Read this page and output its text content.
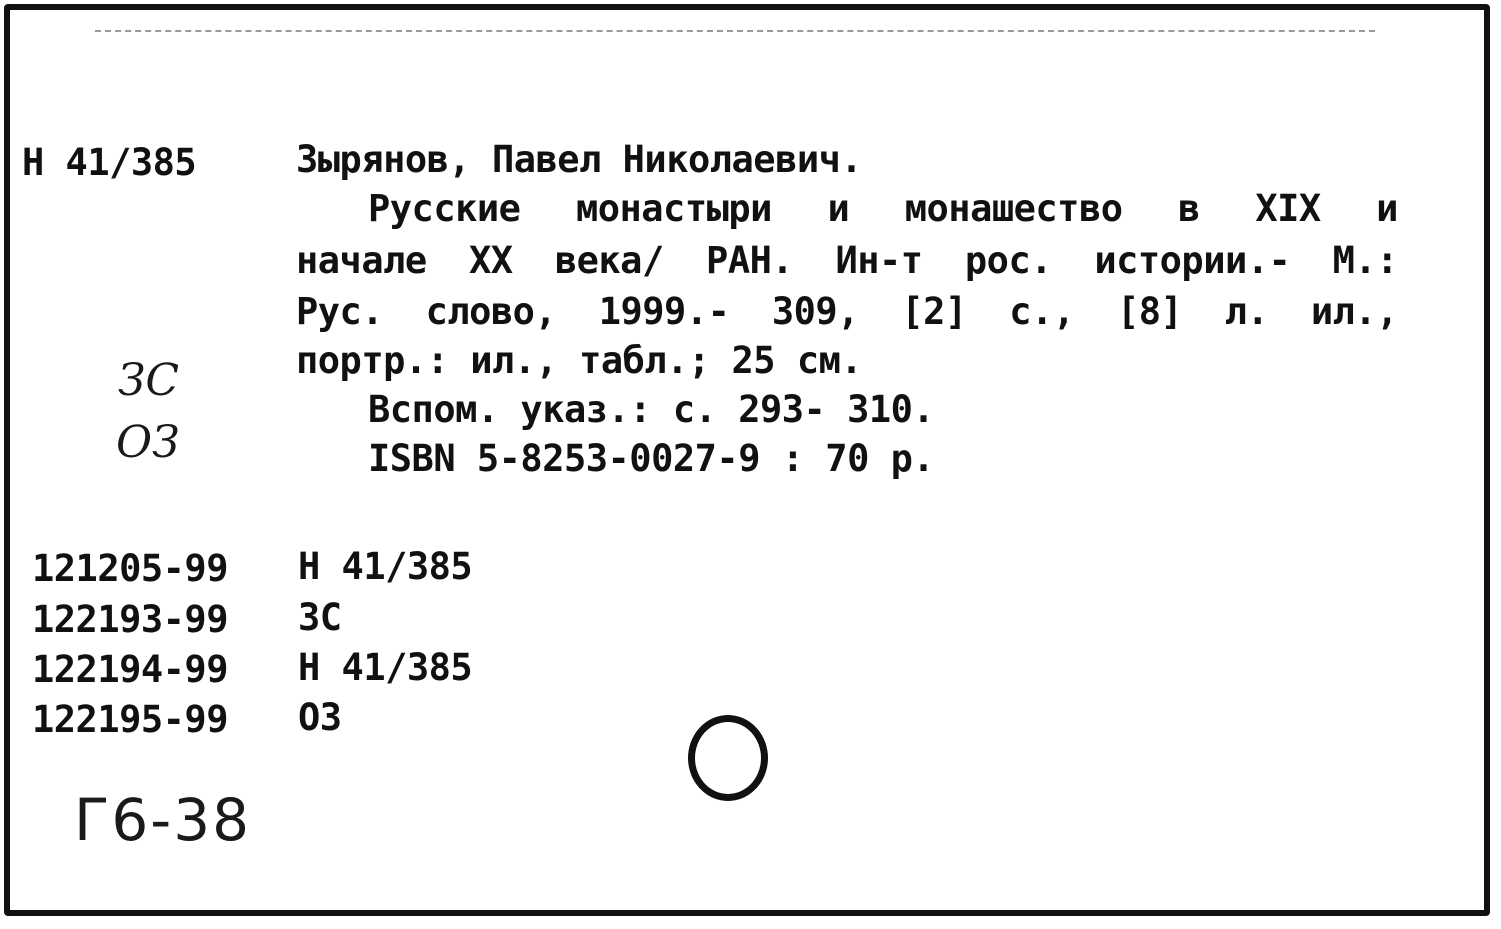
Н 41/385	Зырянов, Павел Николаевич.
Русские монастыри и монашество в XIX и
начале XX века/ РАН. Ин-т рос. истории.- М.:
Рус. слово, 1999.- 309, [2] с., [8] л. ил.,
портр.: ил., табл.; 25 см.
Вспом. указ.: с. 293- 310.
ISBN 5-8253-0027-9 : 70 р.
ЗС
ОЗ
121205-99 Н 41/385
122193-99 ЗС
122194-99 Н 41/385
122195-99 ОЗ
Г6-38
